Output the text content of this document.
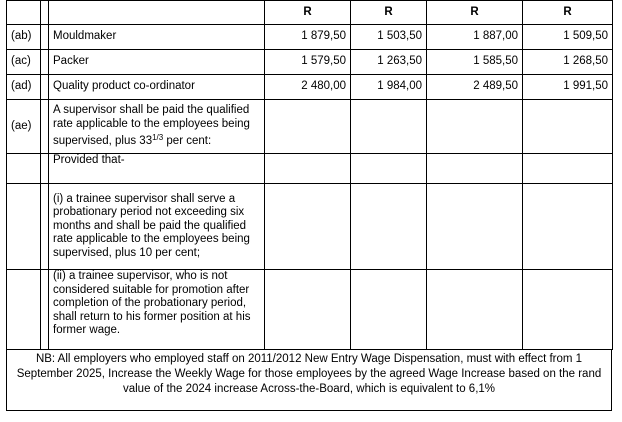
			R	R	R	R
(ab)		Mouldmaker	1 879,50	1 503,50	1 887,00	1 509,50
(ac)		Packer	1 579,50	1 263,50	1 585,50	1 268,50
(ad)		Quality product co-ordinator	2 480,00	1 984,00	2 489,50	1 991,50
(ae)		A supervisor shall be paid the qualified rate applicable to the employees being supervised, plus $33^{1/3}$ per cent:				
		Provided that-				
		(i) a trainee supervisor shall serve a probationary period not exceeding six months and shall be paid the qualified rate applicable to the employees being supervised, plus 10 per cent;				
		(ii) a trainee supervisor, who is not considered suitable for promotion after completion of the probationary period, shall return to his former position at his former wage.				
NB: All employers who employed staff on 2011/2012 New Entry Wage Dispensation, must with effect from 1 September 2025, Increase the Weekly Wage for those employees by the agreed Wage Increase based on the rand value of the 2024 increase Across-the-Board, which is equivalent to 6,1%
